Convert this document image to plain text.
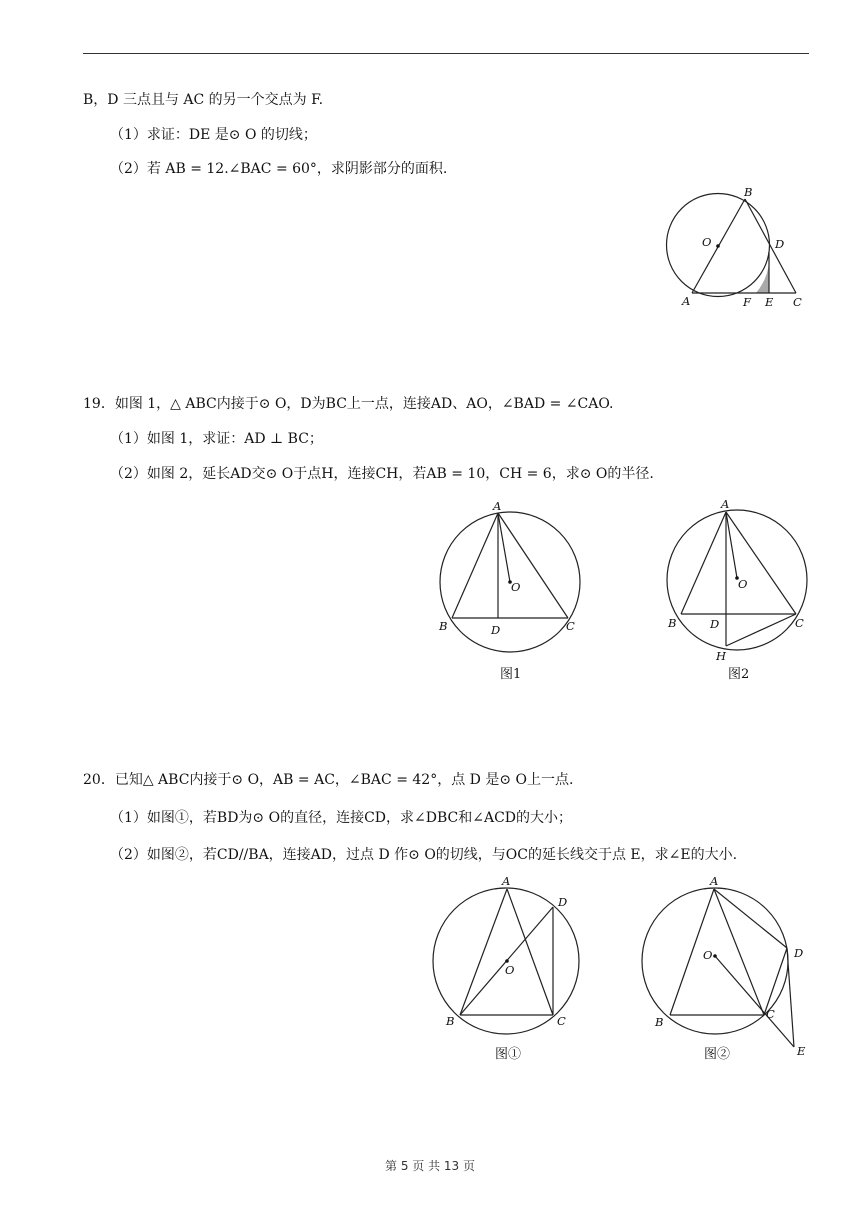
B，D 三点且与 AC 的另一个交点为 F.
（1）求证：DE 是⊙ O 的切线；
（2）若 AB = 12.∠BAC = 60°，求阴影部分的面积.
B
O	D
A	F E C
19．如图 1，△ ABC内接于⊙ O，D为BC上一点，连接AD、AO，∠BAD = ∠CAO.
（1）如图 1，求证：AD ⊥ BC；
（2）如图 2，延长AD交⊙ O于点H，连接CH，若AB = 10，CH = 6，求⊙ O的半径.
A
O
B	D	C
图1
A
O
B	D	C
H
图2
20．已知△ ABC内接于⊙ O，AB = AC，∠BAC = 42°，点 D 是⊙ O上一点.
（1）如图①，若BD为⊙ O的直径，连接CD，求∠DBC和∠ACD的大小；
（2）如图②，若CD//BA，连接AD，过点 D 作⊙ O的切线，与OC的延长线交于点 E，求∠E的大小.
A
D
O
B	C
图①
A
D
O
B
C
E
图②
第 5 页 共 13 页
